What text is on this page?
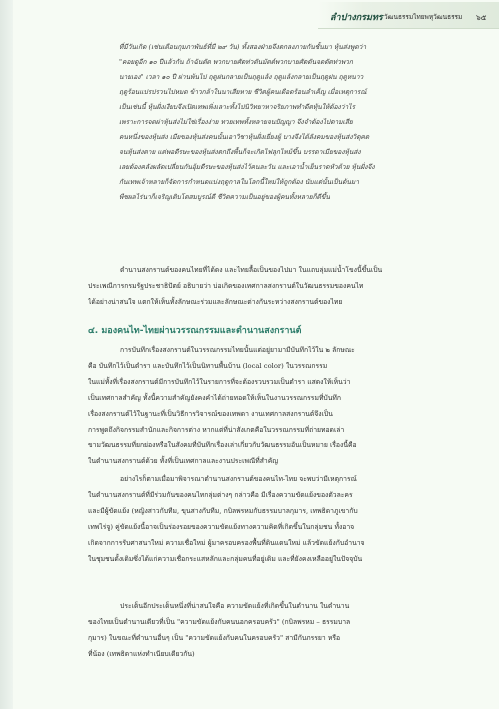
ลำปางกรมทร วัฒนธรรมไทยพหุวัฒนธรรม ๖๕
ที่มีวันเกิด (เช่นเดือนกุมภาพันธ์ที่มี ๒๙ วัน) ทั้งสองฝ่ายจึงตกลงภายกันชั้นมา หุ้นส่งพูดว่า
"คอยดูอีก ๑๐ ปีแล้วกัน ถ้าฉันตัด พวกบายศัตท่วตันมัตต์พวกบายศัตตันจดตัตท่วพวก
นายเอง" เวลา ๑๐ ปี ผ่านพ้นไป ฤดูฝนกลายเป็นฤดูแล้ง ฤดูแล้งกลายเป็นฤดูฝน ฤดูหนาว
ฤดูร้อนแปรปรวนไปหมด ข้าวกล้าในนาเสียหาย ชีวิตผู้คนเดือดร้อนลำเค็ญ เมื่อเหตุการณ์
เป็นเช่นนี้ หุ้นฝั่งเงียบจึงเปิดเทพเพิ่งเลาะทั้งไปนิวิทยาหาจริยภาพทำดีตทุ้นให้ต้องว่าไร
เพราะการจดผ่าหุ้นส่งไม่ใช่เรื่องง่าย ทวยเทพทั้งหลายจนปัญญา จึงจำต้องไปตามเสีย
คนหนึ่งของหุ้นส่ง เมียของหุ้นส่งคนนั้นเอาวิชาหุ้นฝั่งเยี่ยงผู้ บางจึงได้ลังคมของหุ้นส่งวิตุคด
จนหุ้นส่งตาย แต่พอตีรษะของหุ้นส่งตกถึงพื้นก็จะเกิดไฟลุกไหม้ขึ้น บรรดาเมียของหุ้นส่ง
เลยต้องคลังผลัดเปลี่ยนกันอุ้มตีรษะของหุ้นส่งไว้คนละวัน และเอาน้ำเย็นราดหัวด้วย หุ้นฝั่งจึง
กันเทพเจ้าหลายก็จัดการกำหนดแบ่งฤดูกาลในโลกนี้ใหม่ให้ถูกต้อง นับแต่นั้นเป็นต้นมา
พืชผลไร่นาก็เจริญเติบโตสมบูรณ์ดี ชีวิตความเป็นอยู่ของผู้คนทั้งหลายก็ดีขึ้น
ตำนานสงกรานต์ของคนไทยที่ได้ดง และไทยลื้อเป็นของไปมา ในแถบลุ่มแม่น้ำโขงนี้ขึ้นเป็น
ประเพณีการกรมรัฐประชาธิปัตย์ อธิบายว่า บ่อเกิดของเทศกาลสงกรานต์ในวัฒนธรรมของคนไท
ได้อย่างน่าสนใจ แตกให้เห็นทั้งลักษณะร่วมและลักษณะต่างกันระหว่างสงกรานต์ของไทย
๔. มองคนไท-ไทยผ่านวรรณกรรมและตำนานสงกรานต์
การบันทึกเรื่องสงกรานต์ในวรรณกรรมไทยนั้นแต่อยู่ยามามีบันทึกไว้ใน ๒ ลักษณะ
คือ บันทึกไว้เป็นตำรา และบันทึกไว้เป็นนิทานพื้นบ้าน (local color) ในวรรณกรรม
ในแม่ทั้งที่เรื่องสงกรานต์มีการบันทึกไว้ในรายการที่จะต้องรวบรวมเป็นตำรา แสดงให้เห็นว่า
เป็นเทศกาลสำคัญ ทั้งนี้ความสำคัญยังคงคำได้ถ่ายทอดให้เห็นในงานวรรณกรรมที่บันทึก
เรื่องสงกรานต์ไว้ในฐานะที่เป็นวิธีการวิจารณ์ของเทพดา งานเทศกาลสงกรานต์จึงเป็น
การพูดถึงกิจกรรมสำนักและกิจการต่าง หากแต่ที่น่าสังเกตคือในวรรณกรรมที่ถ่ายทอดเล่า
ขามวัฒนธรรมที่ยกย่องหรือในสังคมที่บันทึกเรื่องเล่าเกี่ยวกับวัฒนธรรมอันเป็นหมาย เรื่องนี้คือ
ในตำนานสงกรานต์ด้วย ทั้งที่เป็นเทศกาลและงานประเพณีที่สำคัญ
อย่างไรก็ตามเมื่อมาพิจารณาตำนานสงกรานต์ของคนไท-ไทย จะพบว่ามีเหตุการณ์
ในตำนานสงกรานต์ที่มีร่วมกันของคนไทกลุ่มต่างๆ กล่าวคือ มีเรื่องความขัดแย้งของตัวละคร
และมีผู้ขัดแย้ง (หญิงสาวกับทีม, ขุนสางกับทีม, กบิลพรหมกับธรรมบาลกุมาร, เทพธิดาภูเขากับ
เทพไร่จู) คู่ขัดแย้งนี้อาจเป็นร่องรอยของความขัดแย้งทางความคิดที่เกิดขึ้นในกลุ่มชน ทั้งอาจ
เกิดจากการรับศาสนาใหม่ ความเชื่อใหม่ ผู้มาครอบครองพื้นที่ดินแดนใหม่ แล้วขัดแย้งกับอำนาจ
ในชุมชนดั้งเดิมซึ่งได้แก่ความเชื่อกระแสหลักและกลุ่มคนที่อยู่เดิม และที่ยังคงเหลืออยู่ในปัจจุบัน
ประเด็นอีกประเด็นหนึ่งที่น่าสนใจคือ ความขัดแย้งที่เกิดขึ้นในตำนาน ในตำนาน
ของไทยเป็นตำนานเดียวที่เป็น "ความขัดแย้งกับคนนอกครอบครัว" (กบิลพรหม – ธรรมบาล
กุมาร) ในขณะที่ตำนานอื่นๆ เป็น "ความขัดแย้งกับคนในครอบครัว" สามีกับภรรยา หรือ
ที่น้อง (เทพธิดาแห่งทำเนียบเดียวกัน)
